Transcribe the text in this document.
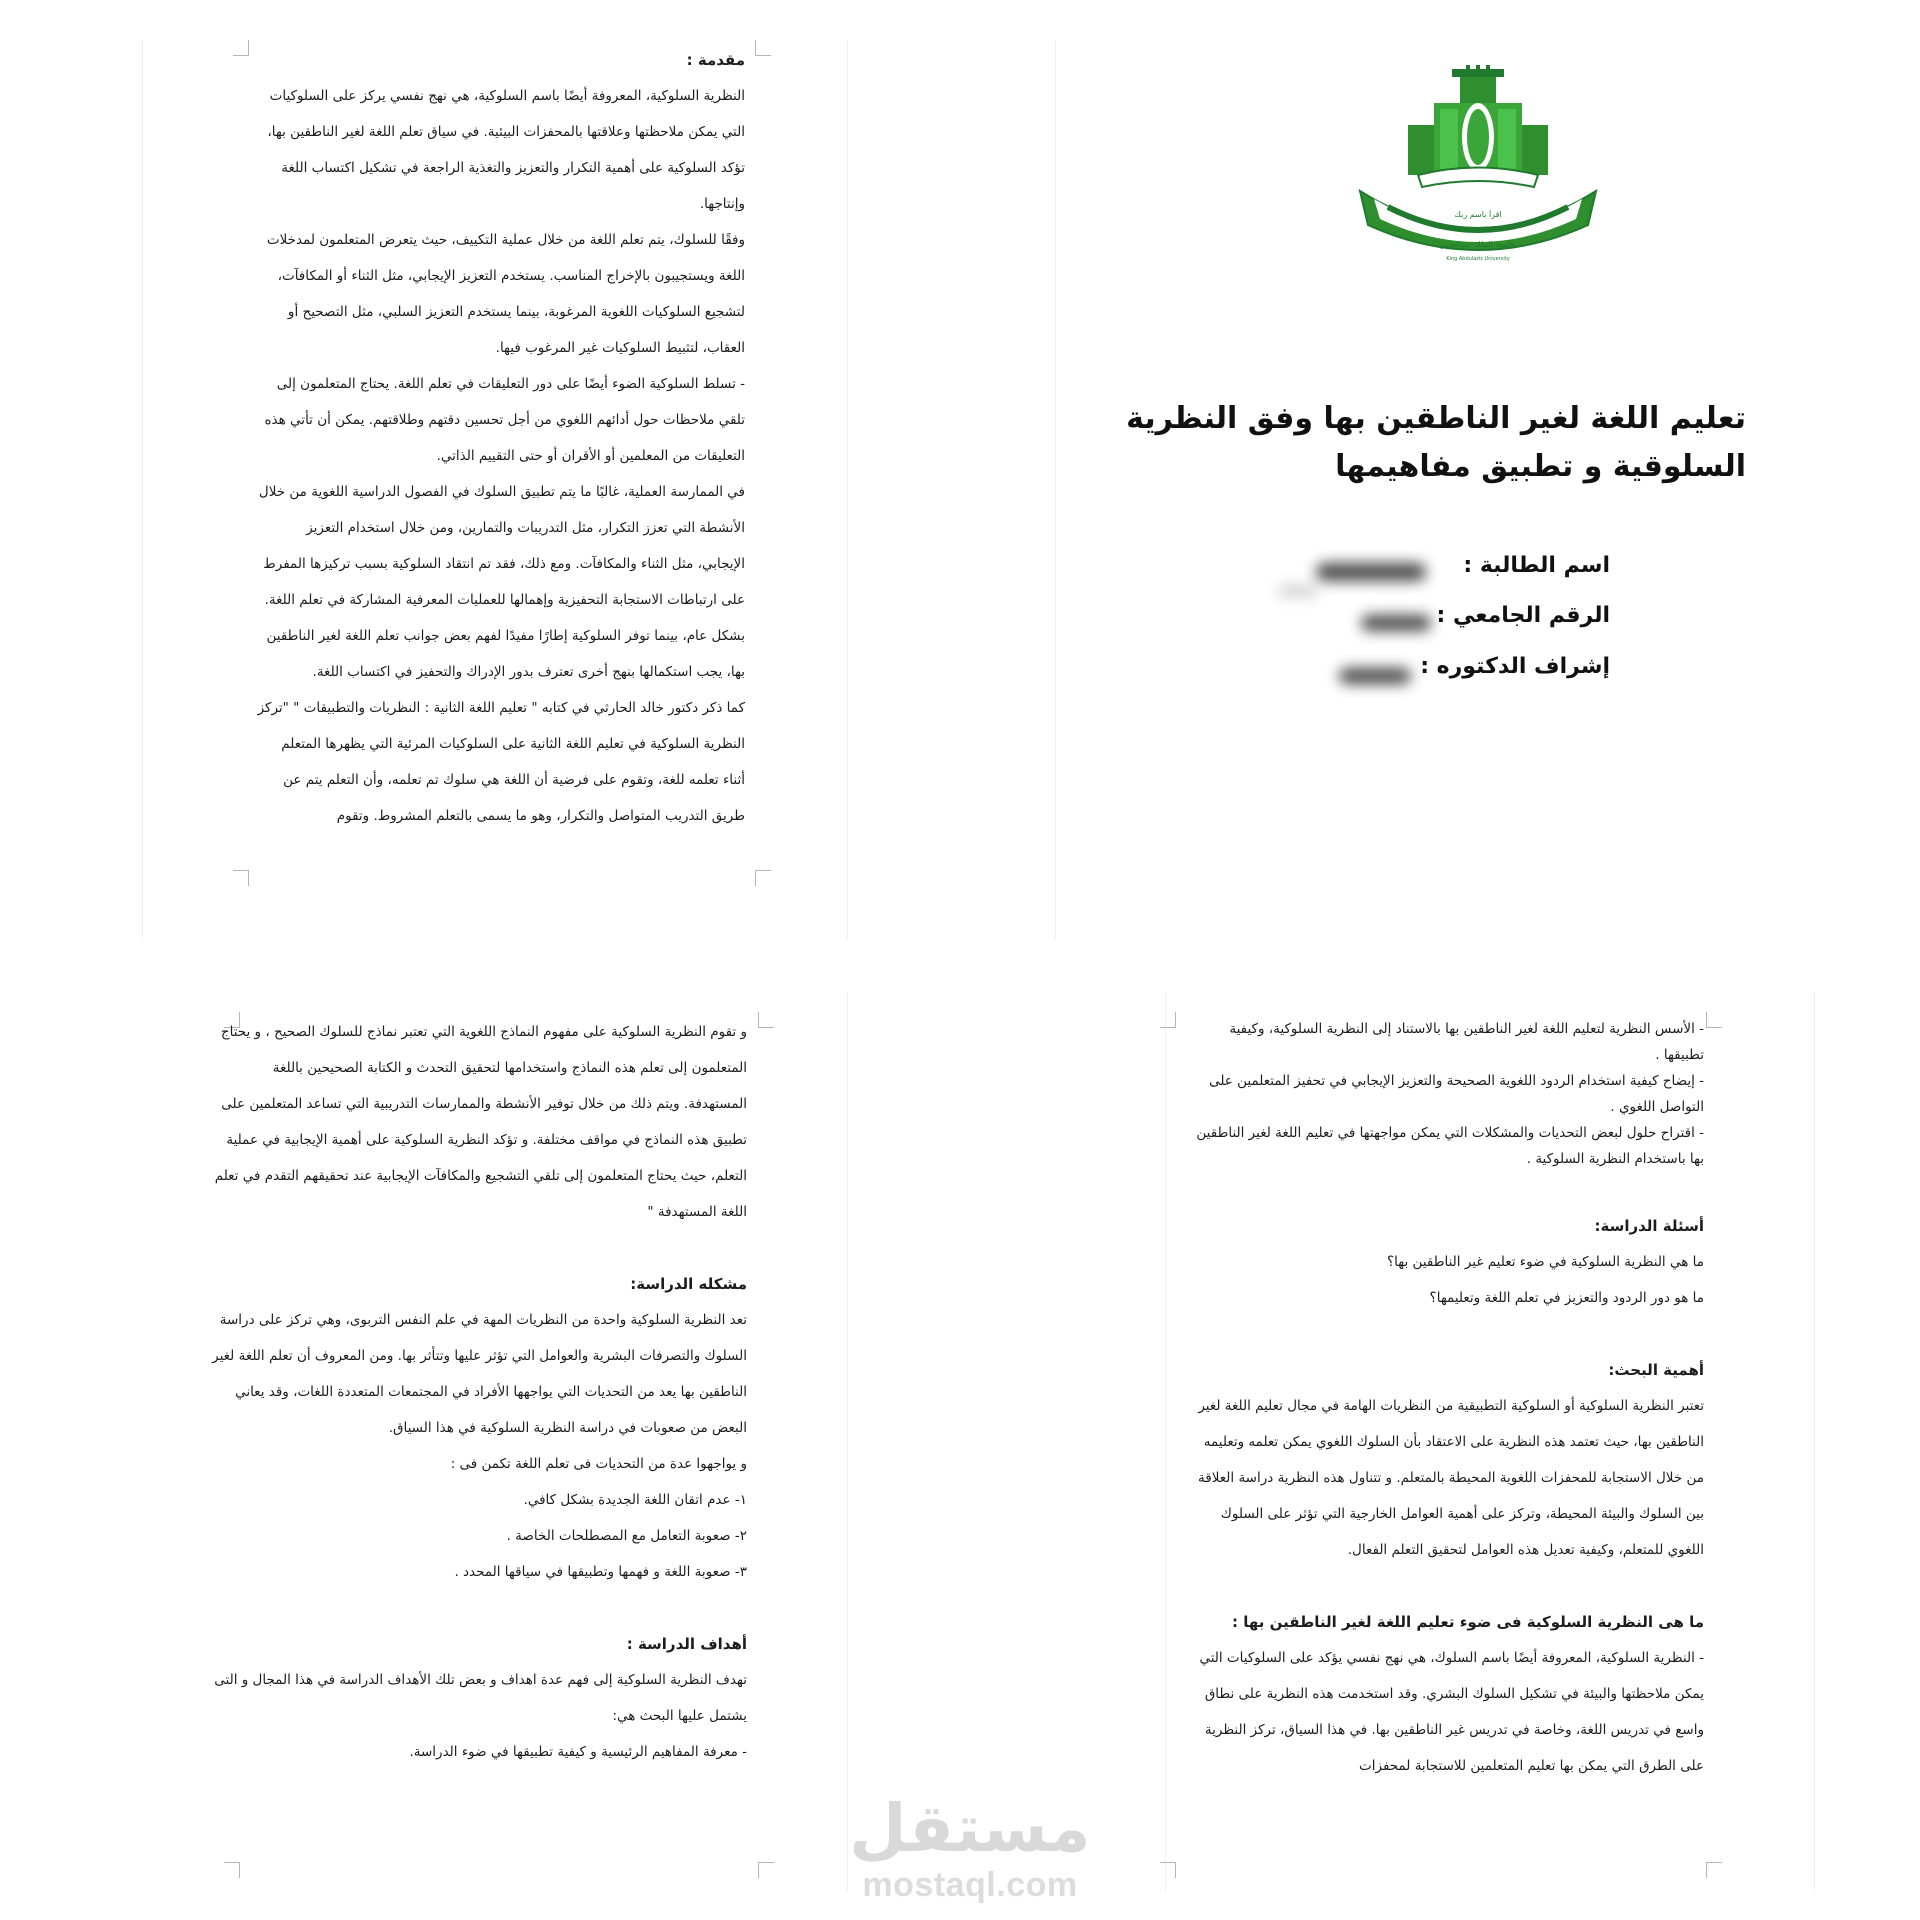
مقدمة :

النظرية السلوكية، المعروفة أيضًا باسم السلوكية، هي نهج نفسي يركز على السلوكيات التي يمكن ملاحظتها وعلاقتها بالمحفزات البيئية. في سياق تعلم اللغة لغير الناطقين بها، تؤكد السلوكية على أهمية التكرار والتعزيز والتغذية الراجعة في تشكيل اكتساب اللغة وإنتاجها.

وفقًا للسلوك، يتم تعلم اللغة من خلال عملية التكييف، حيث يتعرض المتعلمون لمدخلات اللغة ويستجيبون بالإخراج المناسب. يستخدم التعزيز الإيجابي، مثل الثناء أو المكافآت، لتشجيع السلوكيات اللغوية المرغوبة، بينما يستخدم التعزيز السلبي، مثل التصحيح أو العقاب، لتثبيط السلوكيات غير المرغوب فيها.

- تسلط السلوكية الضوء أيضًا على دور التعليقات في تعلم اللغة. يحتاج المتعلمون إلى تلقي ملاحظات حول أدائهم اللغوي من أجل تحسين دقتهم وطلاقتهم. يمكن أن تأتي هذه التعليقات من المعلمين أو الأقران أو حتى التقييم الذاتي.

في الممارسة العملية، غالبًا ما يتم تطبيق السلوك في الفصول الدراسية اللغوية من خلال الأنشطة التي تعزز التكرار، مثل التدريبات والتمارين، ومن خلال استخدام التعزيز الإيجابي، مثل الثناء والمكافآت. ومع ذلك، فقد تم انتقاد السلوكية بسبب تركيزها المفرط على ارتباطات الاستجابة التحفيزية وإهمالها للعمليات المعرفية المشاركة في تعلم اللغة.

بشكل عام، بينما توفر السلوكية إطارًا مفيدًا لفهم بعض جوانب تعلم اللغة لغير الناطقين بها، يجب استكمالها بنهج أخرى تعترف بدور الإدراك والتحفيز في اكتساب اللغة.

كما ذكر دكتور خالد الحارثي في كتابه " تعليم اللغة الثانية : النظريات والتطبيقات " "تركز النظرية السلوكية في تعليم اللغة الثانية على السلوكيات المرئية التي يظهرها المتعلم أثناء تعلمه للغة، وتقوم على فرضية أن اللغة هي سلوك تم تعلمه، وأن التعلم يتم عن طريق التدريب المتواصل والتكرار، وهو ما يسمى بالتعلم المشروط. وتقوم

اقرأ باسم ربك
جامعة الملك عبدالعزيز
King Abdulaziz University
تعليم اللغة لغير الناطقين بها وفق النظرية السلوقية و تطبيق مفاهيمها
اسم الطالبة :
الرقم الجامعي :
إشراف الدكتوره :

و تقوم النظرية السلوكية على مفهوم النماذج اللغوية التي تعتبر نماذج للسلوك الصحيح ، و يحتاج المتعلمون إلى تعلم هذه النماذج واستخدامها لتحقيق التحدث و الكتابة الصحيحين باللغة المستهدفة. ويتم ذلك من خلال توفير الأنشطة والممارسات التدريبية التي تساعد المتعلمين على تطبيق هذه النماذج في مواقف مختلفة. و تؤكد النظرية السلوكية على أهمية الإيجابية في عملية التعلم، حيث يحتاج المتعلمون إلى تلقي التشجيع والمكافآت الإيجابية عند تحقيقهم التقدم في تعلم اللغة المستهدفة "

مشكله الدراسة:

تعد النظرية السلوكية واحدة من النظريات المهة في علم النفس التربوى، وهي تركز على دراسة السلوك والتصرفات البشرية والعوامل التي تؤثر عليها وتتأثر بها. ومن المعروف أن تعلم اللغة لغير الناطقين بها يعد من التحديات التي يواجهها الأفراد في المجتمعات المتعددة اللغات، وقد يعاني البعض من صعوبات في دراسة النظرية السلوكية في هذا السياق.

و يواجهوا عدة من التحديات فى تعلم اللغة تكمن فى :

١- عدم اتقان اللغة الجديدة بشكل كافي.

٢- صعوبة التعامل مع المصطلحات الخاصة .

٣- صعوبة اللغة و فهمها وتطبيقها في سياقها المحدد .

أهداف الدراسة :

تهدف النظرية السلوكية إلى فهم عدة اهداف و بعض تلك الأهداف الدراسة في هذا المجال و التى يشتمل عليها البحث هي:

- معرفة المفاهيم الرئيسية و كيفية تطبيقها في ضوء الدراسة.

- الأسس النظرية لتعليم اللغة لغير الناطقين بها بالاستناد إلى النظرية السلوكية، وكيفية تطبيقها .

- إيضاح كيفية استخدام الردود اللغوية الصحيحة والتعزيز الإيجابي في تحفيز المتعلمين على التواصل اللغوي .

- اقتراح حلول لبعض التحديات والمشكلات التي يمكن مواجهتها في تعليم اللغة لغير الناطقين بها باستخدام النظرية السلوكية .

أسئلة الدراسة:

ما هي النظرية السلوكية في ضوء تعليم غير الناطقين بها؟

ما هو دور الردود والتعزيز في تعلم اللغة وتعليمها؟

أهمية البحث:

تعتبر النظرية السلوكية أو السلوكية التطبيقية من النظريات الهامة في مجال تعليم اللغة لغير الناطقين بها، حيث تعتمد هذه النظرية على الاعتقاد بأن السلوك اللغوي يمكن تعلمه وتعليمه من خلال الاستجابة للمحفزات اللغوية المحيطة بالمتعلم. و تتناول هذه النظرية دراسة العلاقة بين السلوك والبيئة المحيطة، وتركز على أهمية العوامل الخارجية التي تؤثر على السلوك اللغوي للمتعلم، وكيفية تعديل هذه العوامل لتحقيق التعلم الفعال.

ما هى النظرية السلوكية فى ضوء تعليم اللغة لغير الناطقين بها :

- النظرية السلوكية، المعروفة أيضًا باسم السلوك، هي نهج نفسي يؤكد على السلوكيات التي يمكن ملاحظتها والبيئة في تشكيل السلوك البشري. وقد استخدمت هذه النظرية على نطاق واسع في تدريس اللغة، وخاصة في تدريس غير الناطقين بها. في هذا السياق، تركز النظرية على الطرق التي يمكن بها تعليم المتعلمين للاستجابة لمحفزات

مستقل
mostaql.com
